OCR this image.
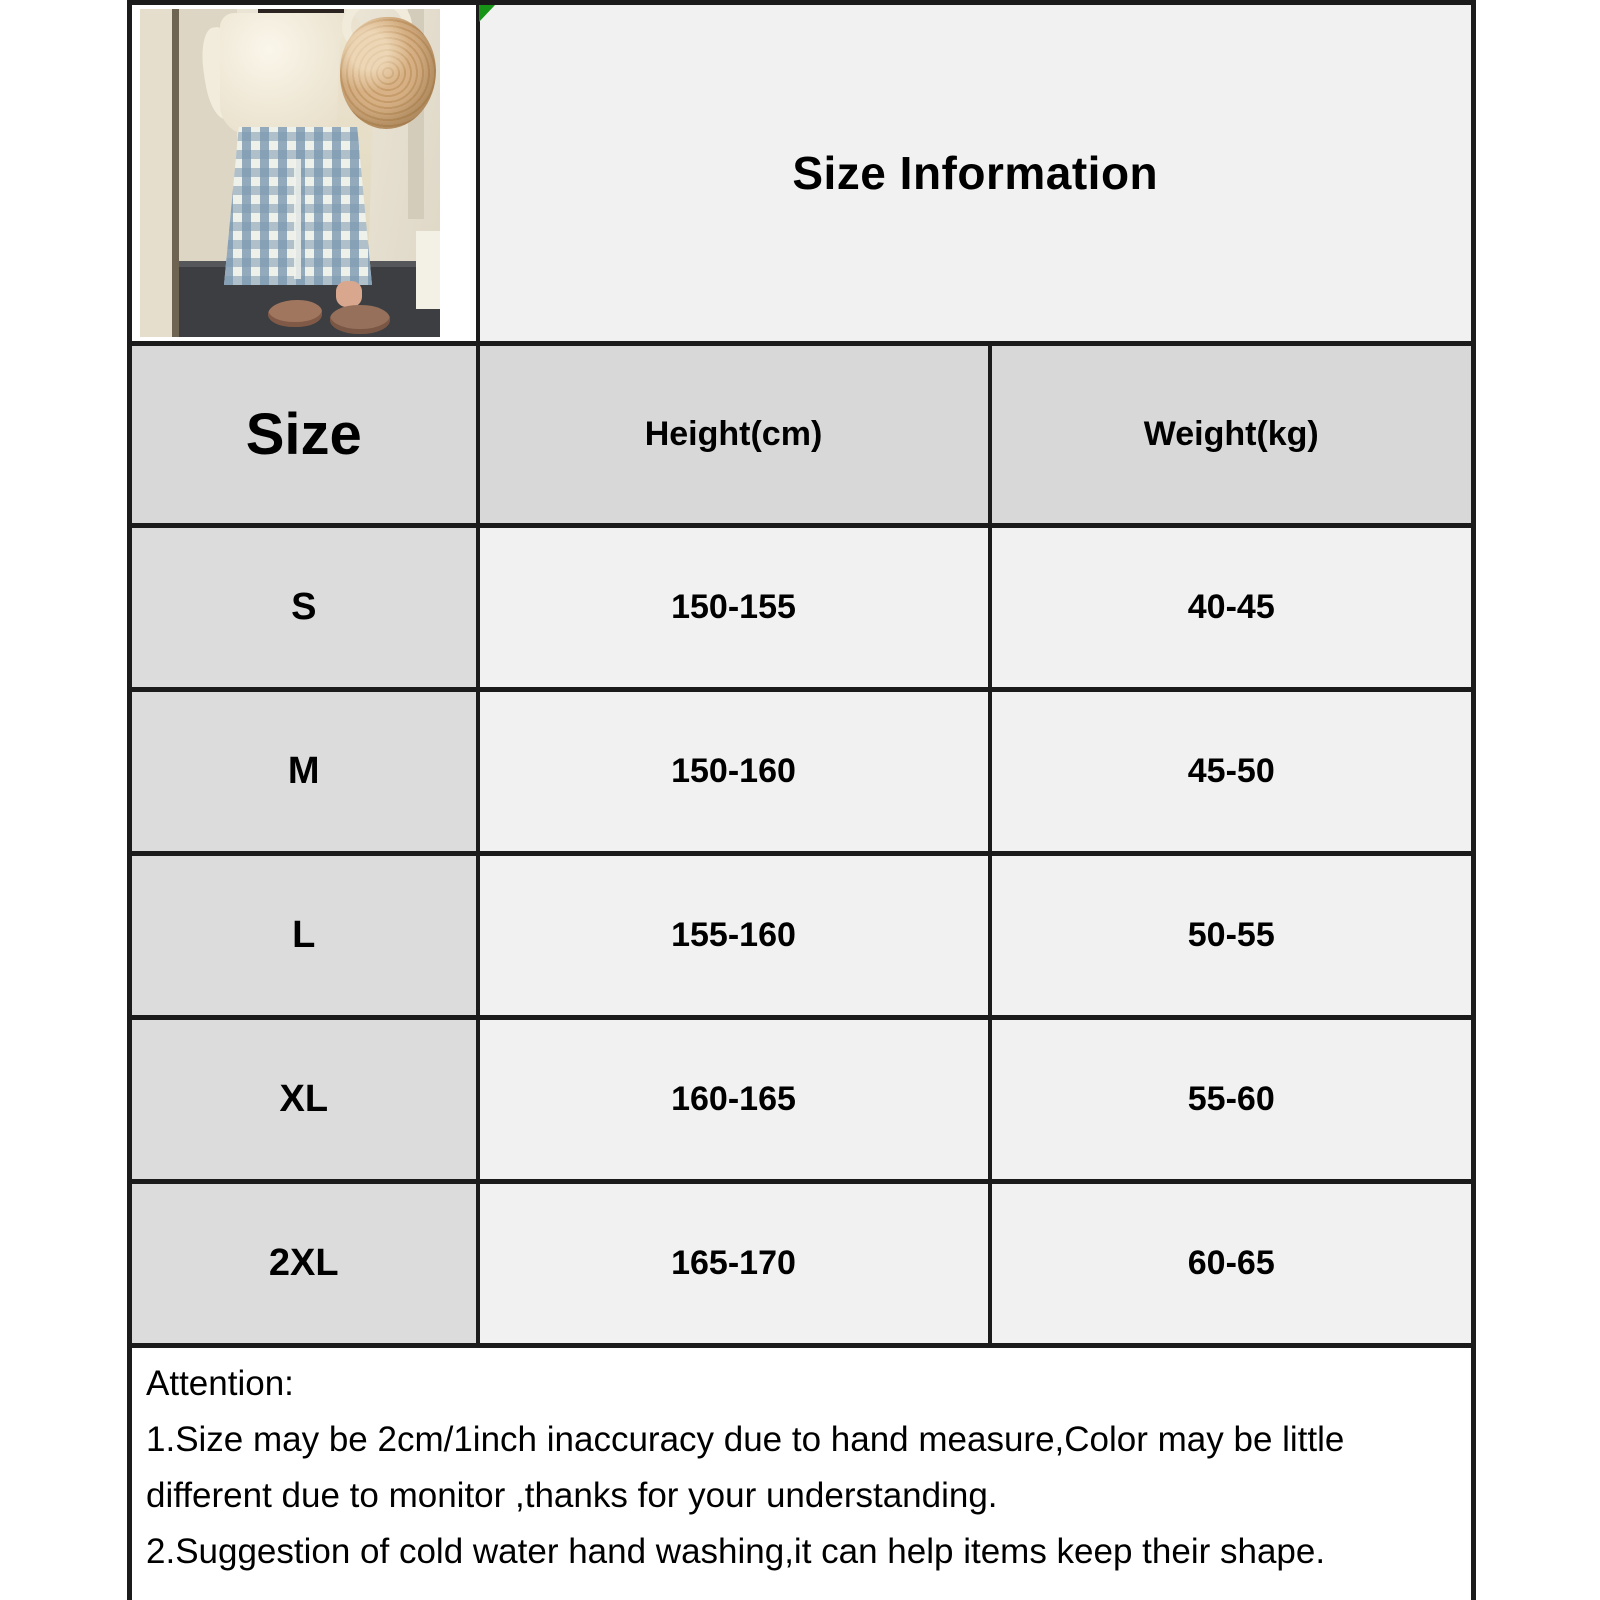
Size Information	
Size	Height(cm)	Weight(kg)
S	150-155	40-45
M	150-160	45-50
L	155-160	50-55
XL	160-165	55-60
2XL	165-170	60-65

Attention:
1.Size may be 2cm/1inch inaccuracy due to hand measure,Color may be little different due to monitor ,thanks for your understanding.
2.Suggestion of cold water hand washing,it can help items keep their shape.		
